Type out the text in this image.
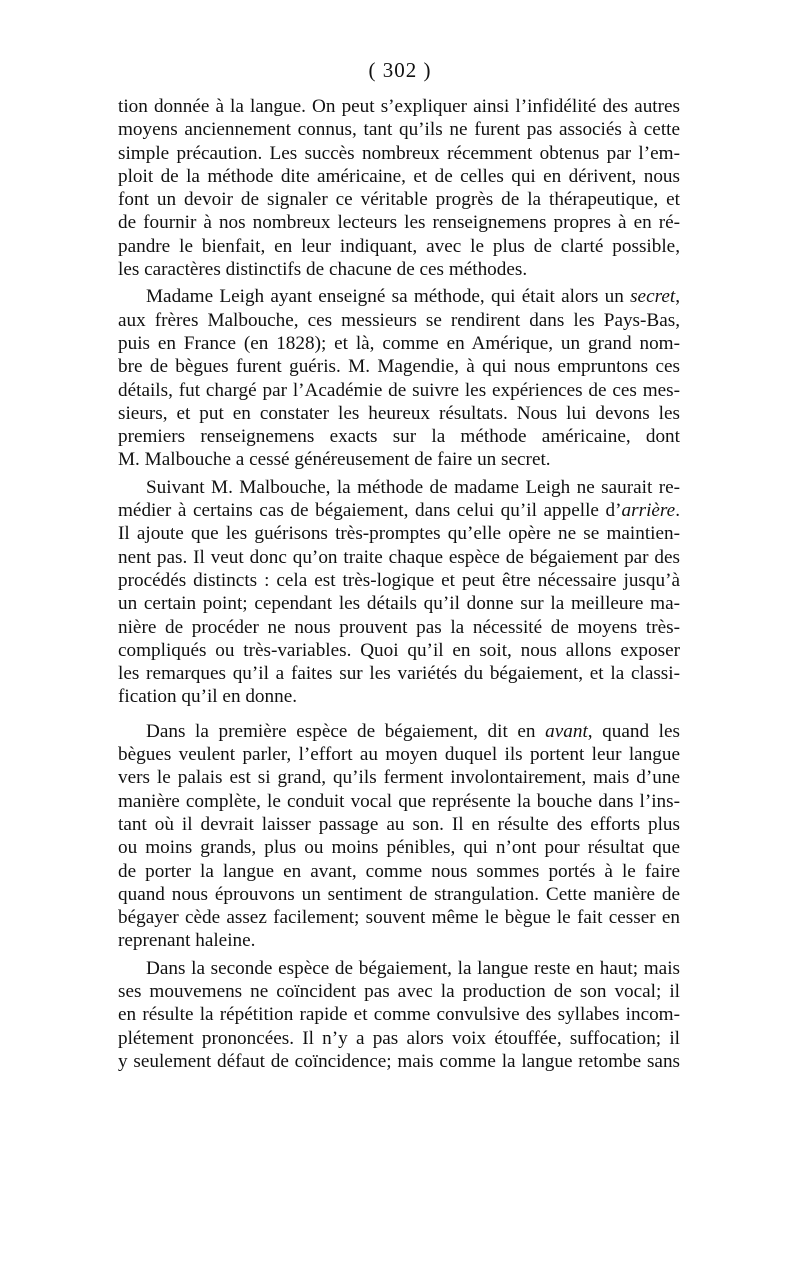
( 302 )
tion donnée à la langue. On peut s’expliquer ainsi l’infidélité des autres
moyens anciennement connus, tant qu’ils ne furent pas associés à cette
simple précaution. Les succès nombreux récemment obtenus par l’em-
ploit de la méthode dite américaine, et de celles qui en dérivent, nous
font un devoir de signaler ce véritable progrès de la thérapeutique, et
de fournir à nos nombreux lecteurs les renseignemens propres à en ré-
pandre le bienfait, en leur indiquant, avec le plus de clarté possible,
les caractères distinctifs de chacune de ces méthodes.
Madame Leigh ayant enseigné sa méthode, qui était alors un secret,
aux frères Malbouche, ces messieurs se rendirent dans les Pays-Bas,
puis en France (en 1828); et là, comme en Amérique, un grand nom-
bre de bègues furent guéris. M. Magendie, à qui nous empruntons ces
détails, fut chargé par l’Académie de suivre les expériences de ces mes-
sieurs, et put en constater les heureux résultats. Nous lui devons les
premiers renseignemens exacts sur la méthode américaine, dont
M. Malbouche a cessé généreusement de faire un secret.
Suivant M. Malbouche, la méthode de madame Leigh ne saurait re-
médier à certains cas de bégaiement, dans celui qu’il appelle d’arrière.
Il ajoute que les guérisons très-promptes qu’elle opère ne se maintien-
nent pas. Il veut donc qu’on traite chaque espèce de bégaiement par des
procédés distincts : cela est très-logique et peut être nécessaire jusqu’à
un certain point; cependant les détails qu’il donne sur la meilleure ma-
nière de procéder ne nous prouvent pas la nécessité de moyens très-
compliqués ou très-variables. Quoi qu’il en soit, nous allons exposer
les remarques qu’il a faites sur les variétés du bégaiement, et la classi-
fication qu’il en donne.
Dans la première espèce de bégaiement, dit en avant, quand les
bègues veulent parler, l’effort au moyen duquel ils portent leur langue
vers le palais est si grand, qu’ils ferment involontairement, mais d’une
manière complète, le conduit vocal que représente la bouche dans l’ins-
tant où il devrait laisser passage au son. Il en résulte des efforts plus
ou moins grands, plus ou moins pénibles, qui n’ont pour résultat que
de porter la langue en avant, comme nous sommes portés à le faire
quand nous éprouvons un sentiment de strangulation. Cette manière de
bégayer cède assez facilement; souvent même le bègue le fait cesser en
reprenant haleine.
Dans la seconde espèce de bégaiement, la langue reste en haut; mais
ses mouvemens ne coïncident pas avec la production de son vocal; il
en résulte la répétition rapide et comme convulsive des syllabes incom-
plétement prononcées. Il n’y a pas alors voix étouffée, suffocation; il
y seulement défaut de coïncidence; mais comme la langue retombe sans
